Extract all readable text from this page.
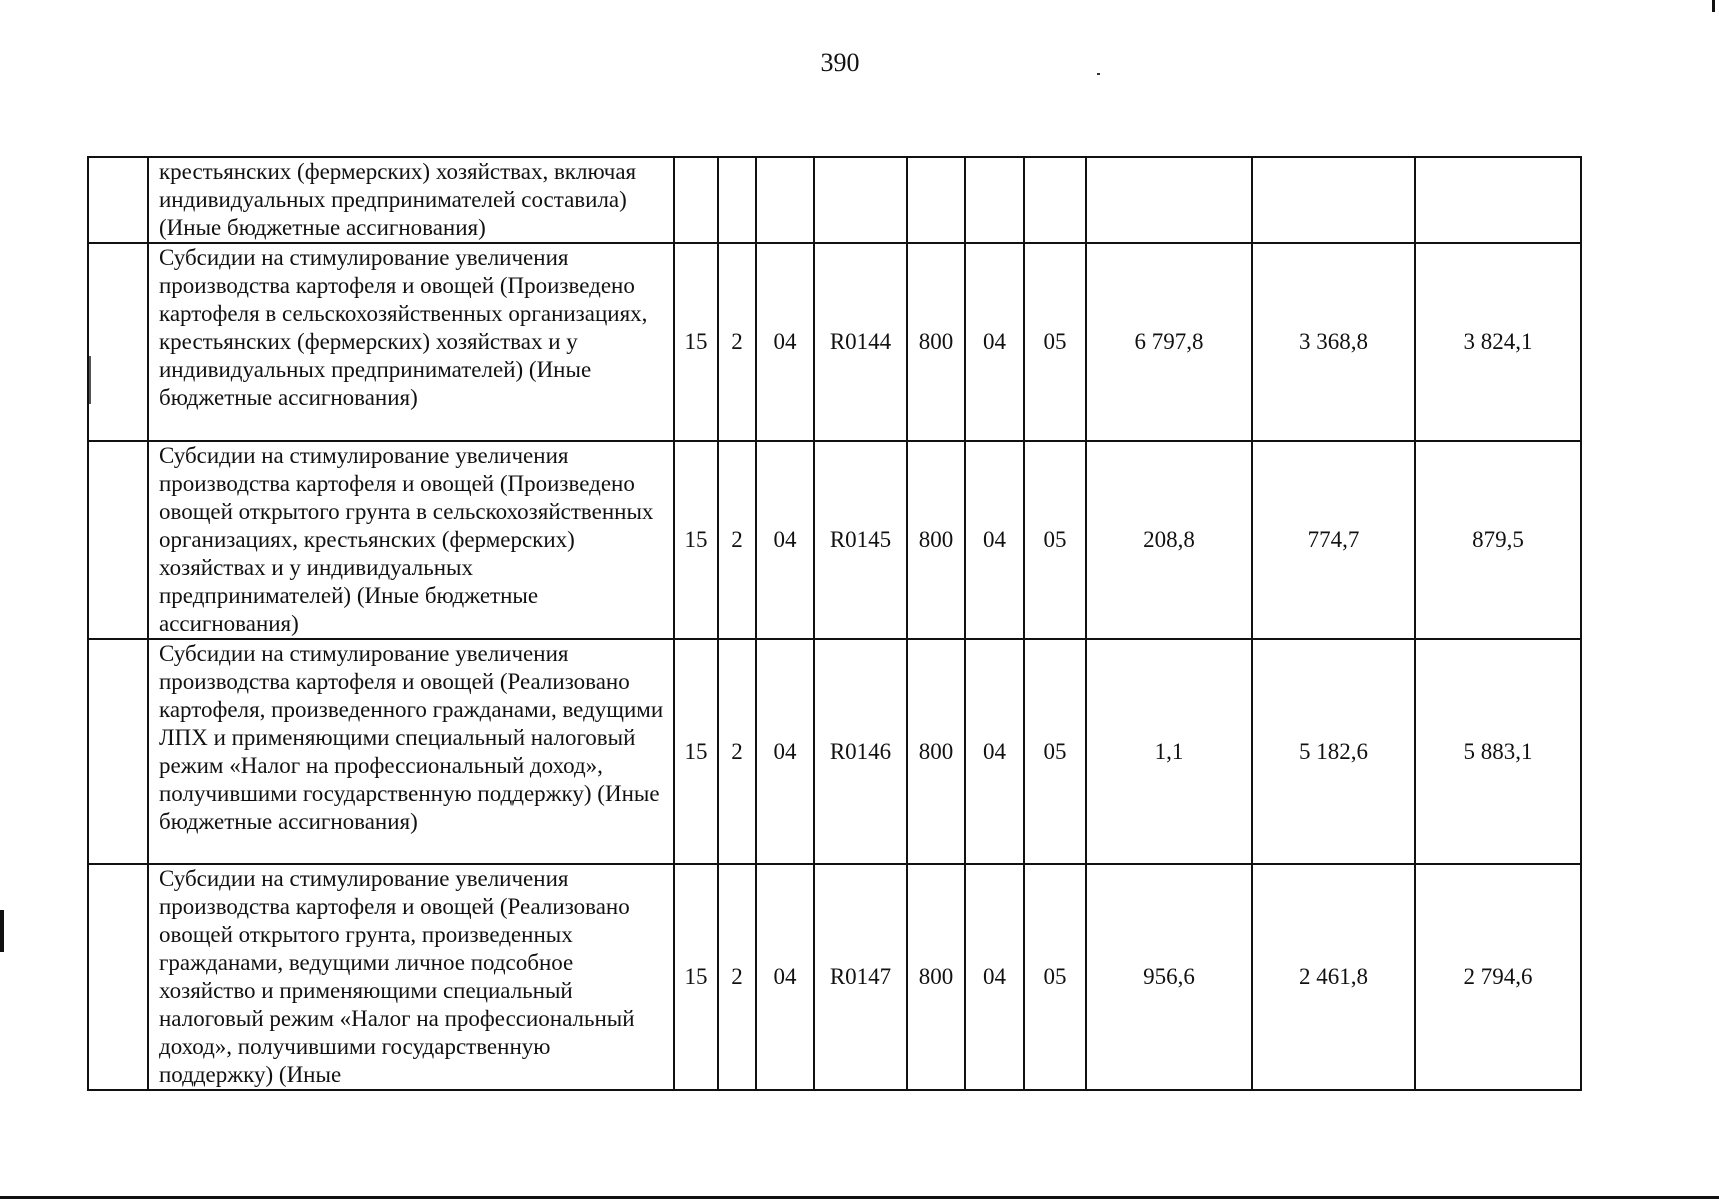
390
	крестьянских (фермерских) хозяйствах, включая индивидуальных предпринимателей составила) (Иные бюджетные ассигнования)										
	Субсидии на стимулирование увеличения производства картофеля и овощей (Произведено картофеля в сельскохозяйственных организациях, крестьянских (фермерских) хозяйствах и у индивидуальных предпринимателей) (Иные бюджетные ассигнования)	15	2	04	R0144	800	04	05	6 797,8	3 368,8	3 824,1
	Субсидии на стимулирование увеличения производства картофеля и овощей (Произведено овощей открытого грунта в сельскохозяйственных организациях, крестьянских (фермерских) хозяйствах и у индивидуальных предпринимателей) (Иные бюджетные ассигнования)	15	2	04	R0145	800	04	05	208,8	774,7	879,5
	Субсидии на стимулирование увеличения производства картофеля и овощей (Реализовано картофеля, произведенного гражданами, ведущими ЛПХ и применяющими специальный налоговый режим «Налог на профессиональный доход», получившими государственную поддержку) (Иные бюджетные ассигнования)	15	2	04	R0146	800	04	05	1,1	5 182,6	5 883,1
	Субсидии на стимулирование увеличения производства картофеля и овощей (Реализовано овощей открытого грунта, произведенных гражданами, ведущими личное подсобное хозяйство и применяющими специальный налоговый режим «Налог на профессиональный доход», получившими государственную поддержку) (Иные	15	2	04	R0147	800	04	05	956,6	2 461,8	2 794,6
